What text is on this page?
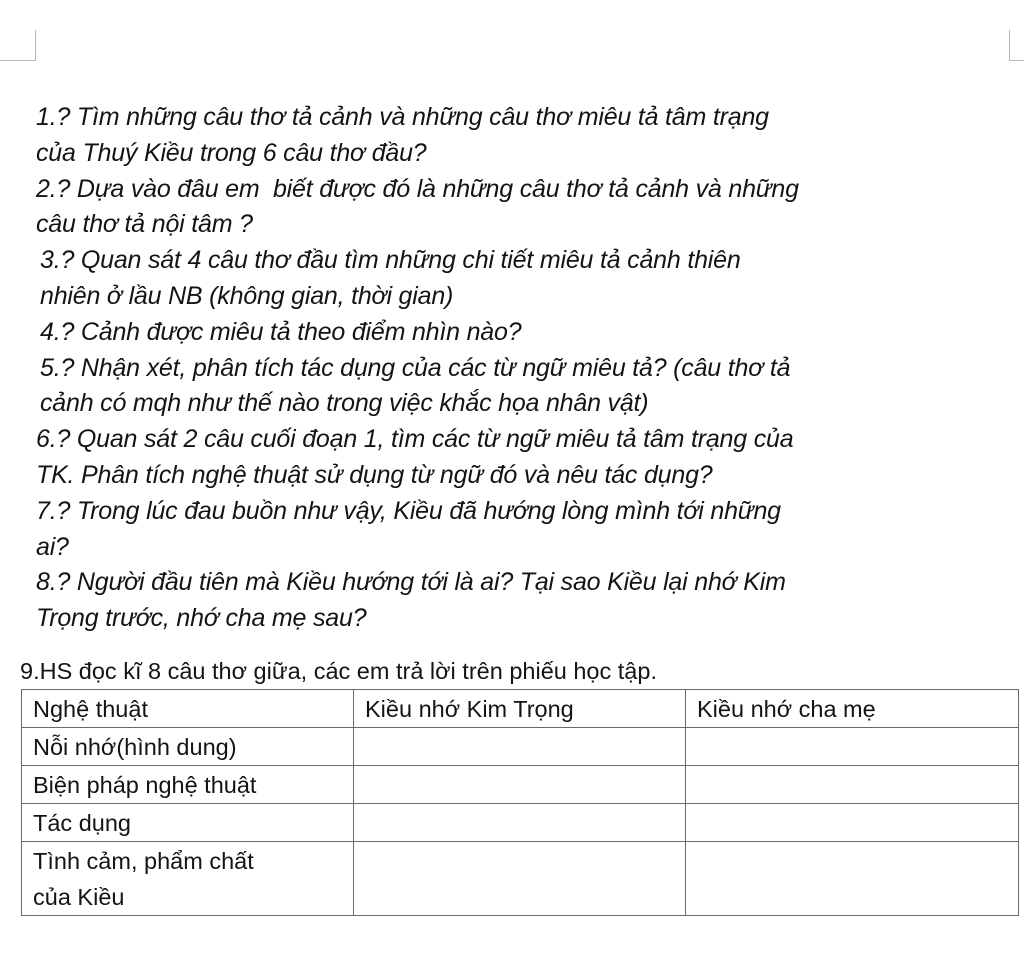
1.? Tìm những câu thơ tả cảnh và những câu thơ miêu tả tâm trạng
của Thuý Kiều trong 6 câu thơ đầu?
2.? Dựa vào đâu em  biết được đó là những câu thơ tả cảnh và những
câu thơ tả nội tâm ?
3.? Quan sát 4 câu thơ đầu tìm những chi tiết miêu tả cảnh thiên
nhiên ở lầu NB (không gian, thời gian)
4.? Cảnh được miêu tả theo điểm nhìn nào?
5.? Nhận xét, phân tích tác dụng của các từ ngữ miêu tả? (câu thơ tả
cảnh có mqh như thế nào trong việc khắc họa nhân vật)
6.? Quan sát 2 câu cuối đoạn 1, tìm các từ ngữ miêu tả tâm trạng của
TK. Phân tích nghệ thuật sử dụng từ ngữ đó và nêu tác dụng?
7.? Trong lúc đau buồn như vậy, Kiều đã hướng lòng mình tới những
ai?
8.? Người đầu tiên mà Kiều hướng tới là ai? Tại sao Kiều lại nhớ Kim
Trọng trước, nhớ cha mẹ sau?

9.HS đọc kĩ 8 câu thơ giữa, các em trả lời trên phiếu học tập.

Nghệ thuật	Kiều nhớ Kim Trọng	Kiều nhớ cha mẹ
Nỗi nhớ(hình dung)		
Biện pháp nghệ thuật		
Tác dụng		
Tình cảm, phẩm chất
của Kiều		
